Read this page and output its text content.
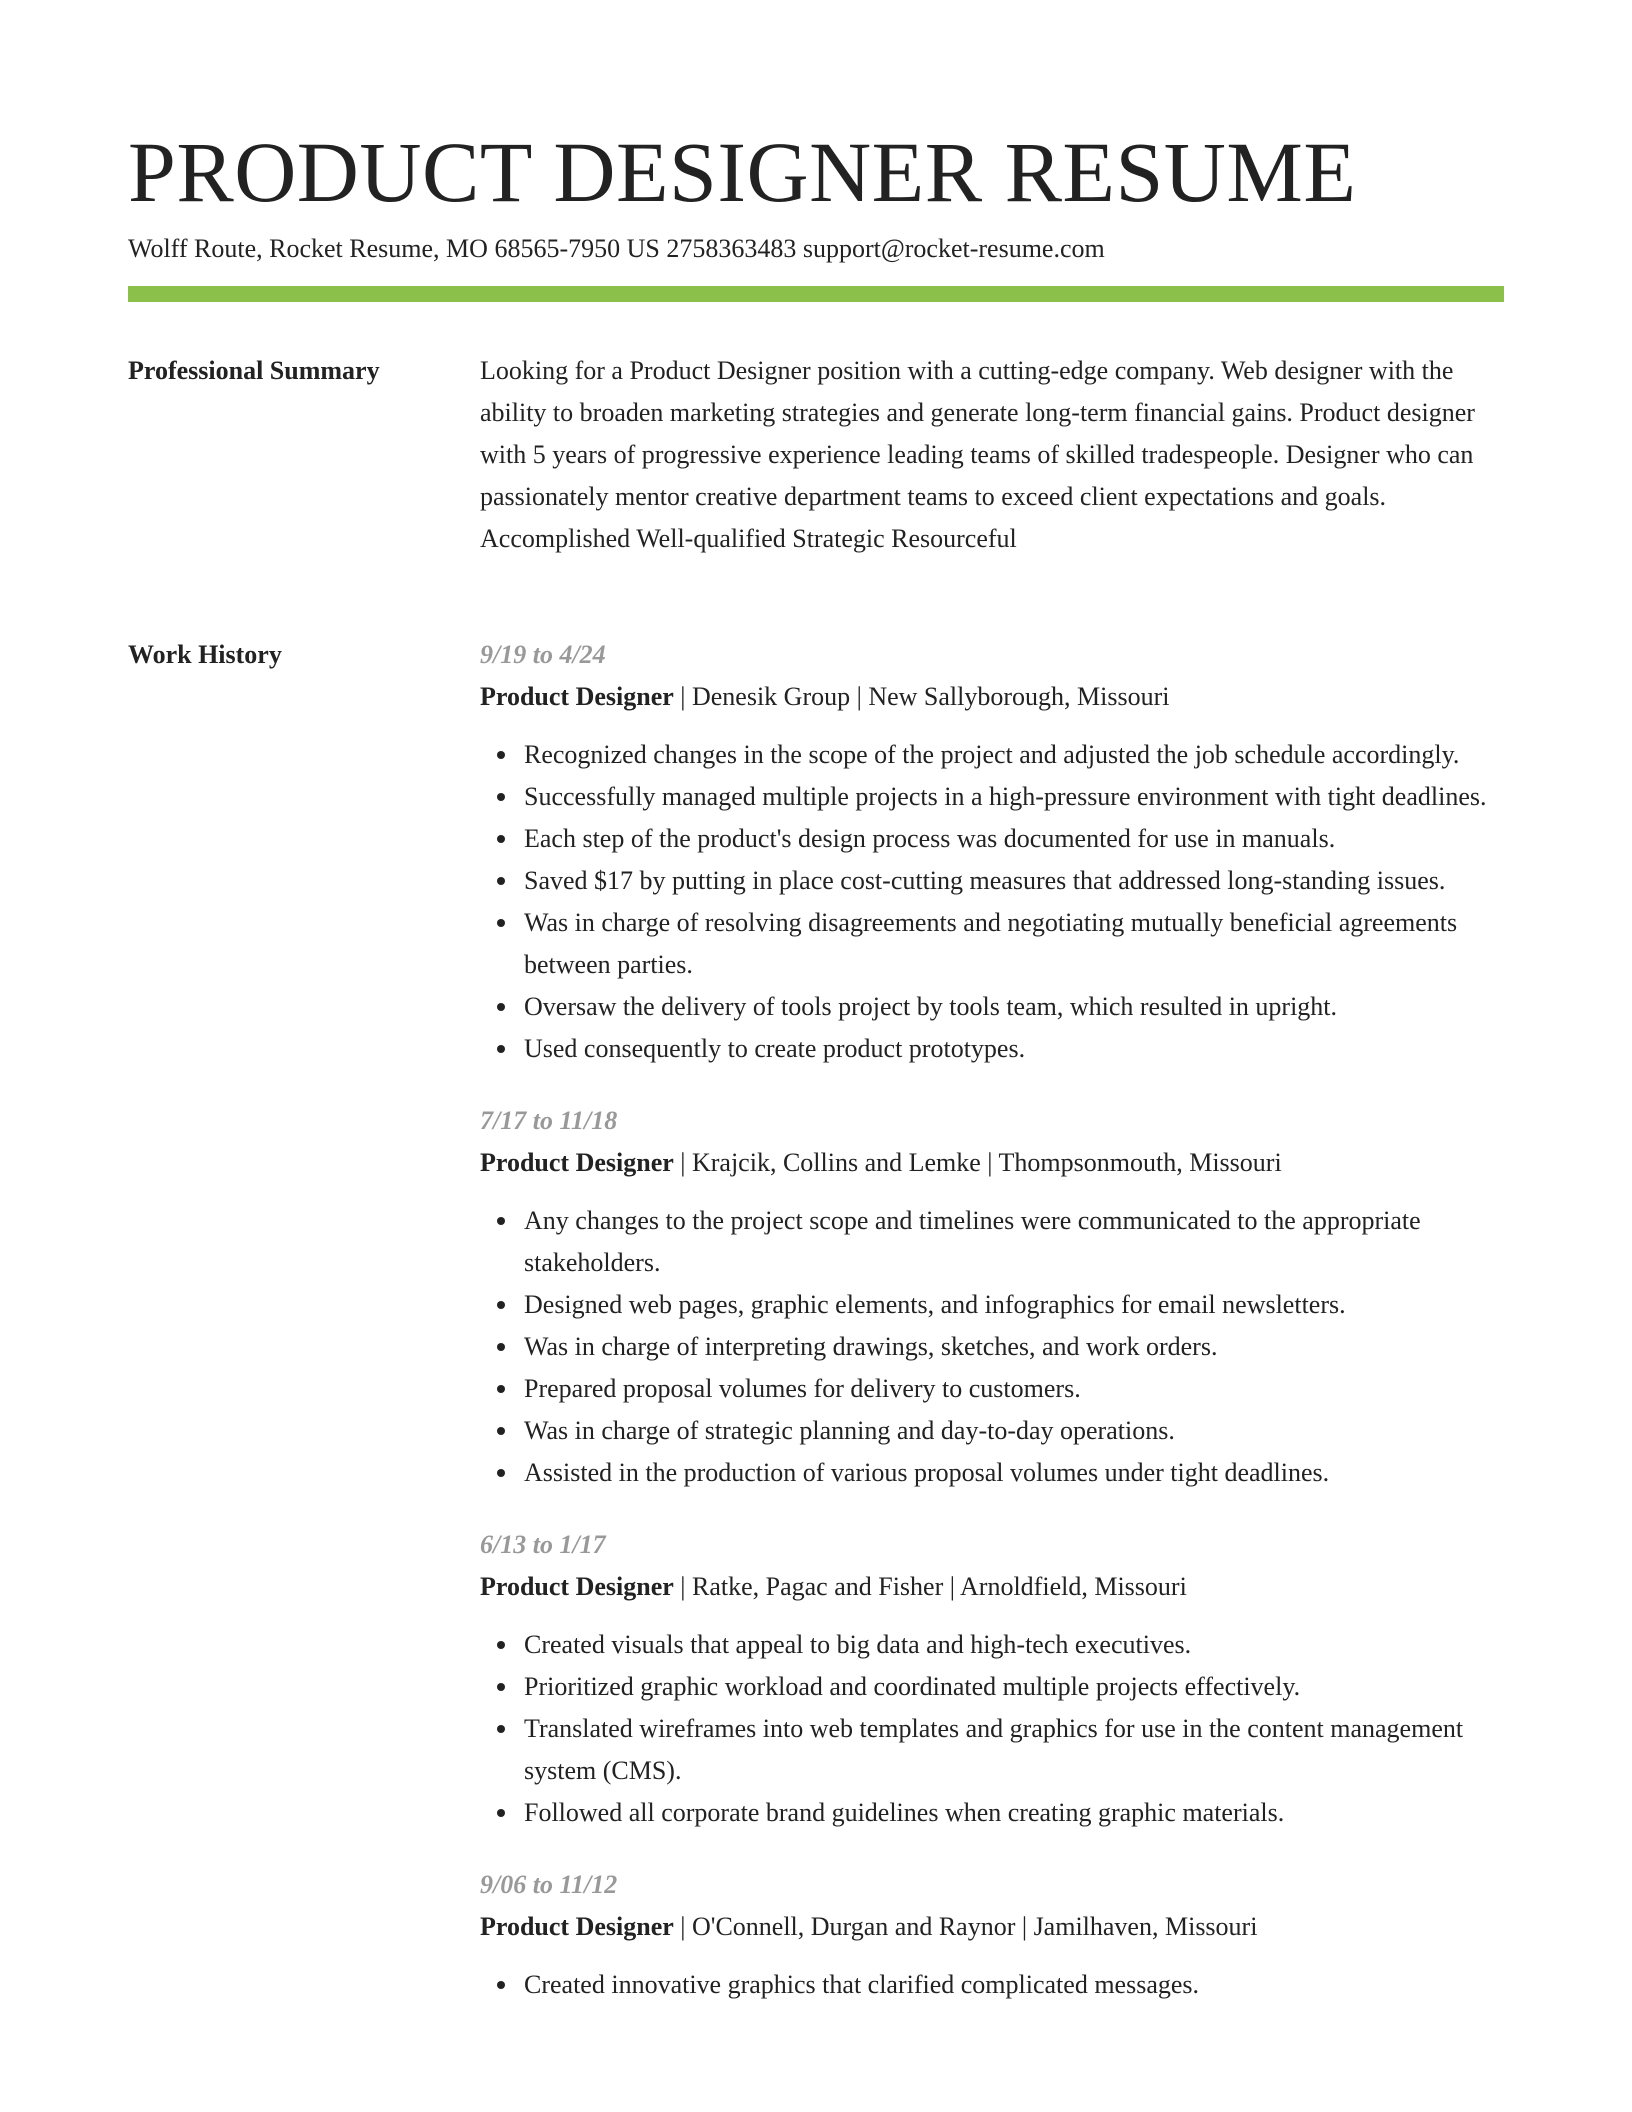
PRODUCT DESIGNER RESUME
Wolff Route, Rocket Resume, MO 68565-7950 US 2758363483 support@rocket-resume.com
Professional Summary	Looking for a Product Designer position with a cutting-edge company. Web designer with the ability to broaden marketing strategies and generate long-term financial gains. Product designer with 5 years of progressive experience leading teams of skilled tradespeople. Designer who can passionately mentor creative department teams to exceed client expectations and goals. Accomplished Well-qualified Strategic Resourceful

Work History	9/19 to 4/24
Product Designer | Denesik Group | New Sallyborough, Missouri
Recognized changes in the scope of the project and adjusted the job schedule accordingly.
Successfully managed multiple projects in a high-pressure environment with tight deadlines.
Each step of the product's design process was documented for use in manuals.
Saved $17 by putting in place cost-cutting measures that addressed long-standing issues.
Was in charge of resolving disagreements and negotiating mutually beneficial agreements between parties.
Oversaw the delivery of tools project by tools team, which resulted in upright.
Used consequently to create product prototypes.
7/17 to 11/18
Product Designer | Krajcik, Collins and Lemke | Thompsonmouth, Missouri
Any changes to the project scope and timelines were communicated to the appropriate stakeholders.
Designed web pages, graphic elements, and infographics for email newsletters.
Was in charge of interpreting drawings, sketches, and work orders.
Prepared proposal volumes for delivery to customers.
Was in charge of strategic planning and day-to-day operations.
Assisted in the production of various proposal volumes under tight deadlines.
6/13 to 1/17
Product Designer | Ratke, Pagac and Fisher | Arnoldfield, Missouri
Created visuals that appeal to big data and high-tech executives.
Prioritized graphic workload and coordinated multiple projects effectively.
Translated wireframes into web templates and graphics for use in the content management system (CMS).
Followed all corporate brand guidelines when creating graphic materials.
9/06 to 11/12
Product Designer | O'Connell, Durgan and Raynor | Jamilhaven, Missouri
Created innovative graphics that clarified complicated messages.
